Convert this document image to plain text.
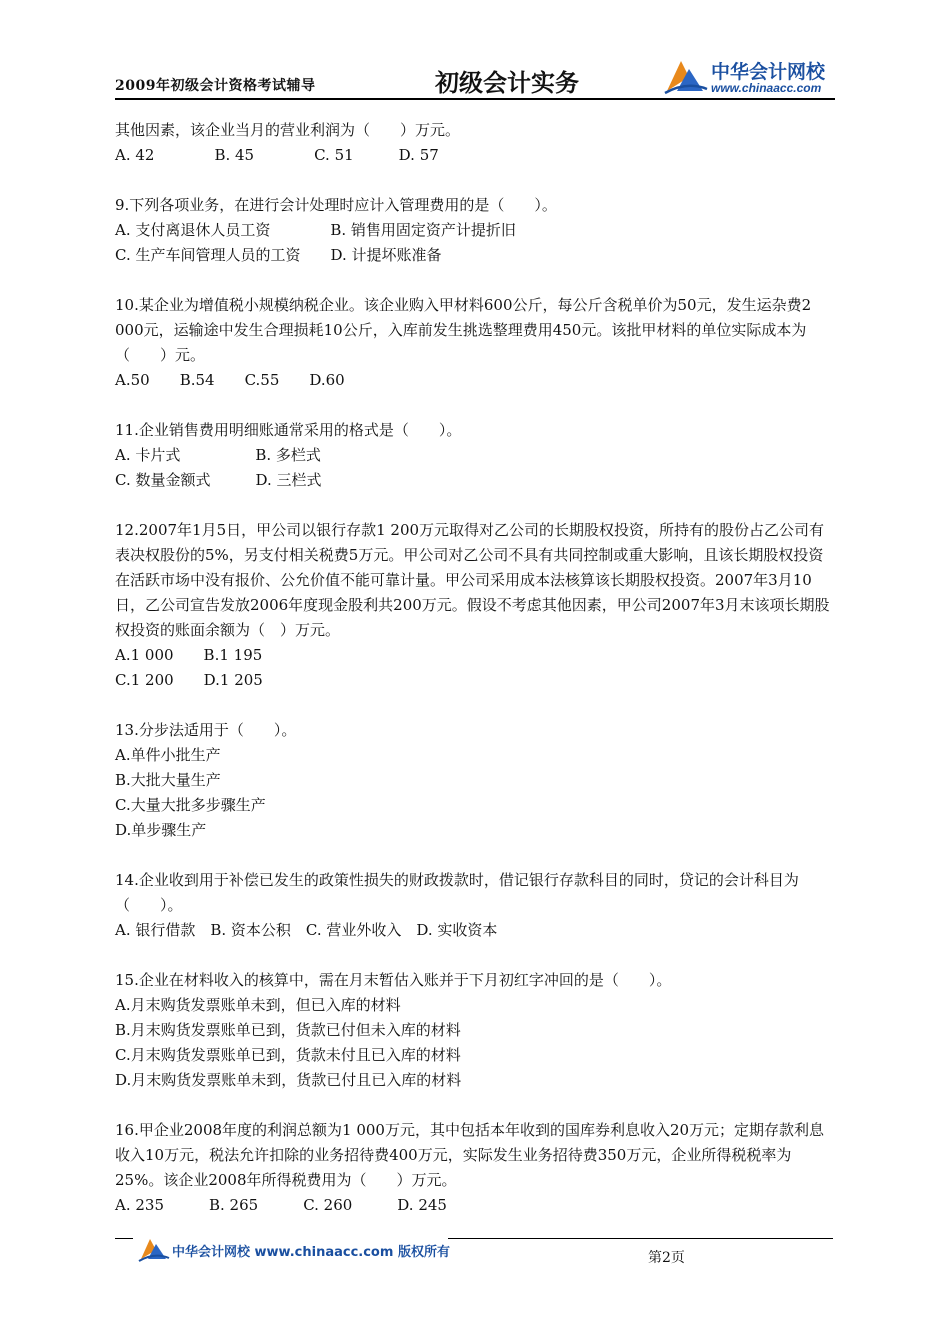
2009年初级会计资格考试辅导	初级会计实务	中华会计网校
www.chinaacc.com

其他因素，该企业当月的营业利润为（　　）万元。

A. 42　　　　B. 45　　　　C. 51　　　D. 57

9.下列各项业务，在进行会计处理时应计入管理费用的是（　　）。

A. 支付离退休人员工资　　　　B. 销售用固定资产计提折旧

C. 生产车间管理人员的工资　　D. 计提坏账准备

10.某企业为增值税小规模纳税企业。该企业购入甲材料600公斤，每公斤含税单价为50元，发生运杂费2 000元，运输途中发生合理损耗10公斤，入库前发生挑选整理费用450元。该批甲材料的单位实际成本为（　　）元。

A.50　　B.54　　C.55　　D.60

11.企业销售费用明细账通常采用的格式是（　　）。

A. 卡片式　　　　　B. 多栏式

C. 数量金额式　　　D. 三栏式

12.2007年1月5日，甲公司以银行存款1 200万元取得对乙公司的长期股权投资，所持有的股份占乙公司有表决权股份的5%，另支付相关税费5万元。甲公司对乙公司不具有共同控制或重大影响，且该长期股权投资在活跃市场中没有报价、公允价值不能可靠计量。甲公司采用成本法核算该长期股权投资。2007年3月10日，乙公司宣告发放2006年度现金股利共200万元。假设不考虑其他因素，甲公司2007年3月末该项长期股权投资的账面余额为（　）万元。

A.1 000　　B.1 195

C.1 200　　D.1 205

13.分步法适用于（　　）。

A.单件小批生产

B.大批大量生产

C.大量大批多步骤生产

D.单步骤生产

14.企业收到用于补偿已发生的政策性损失的财政拨款时，借记银行存款科目的同时，贷记的会计科目为（　　）。

A. 银行借款　B. 资本公积　C. 营业外收入　D. 实收资本

15.企业在材料收入的核算中，需在月末暂估入账并于下月初红字冲回的是（　　）。

A.月末购货发票账单未到，但已入库的材料

B.月末购货发票账单已到，货款已付但未入库的材料

C.月末购货发票账单已到，货款未付且已入库的材料

D.月末购货发票账单未到，货款已付且已入库的材料

16.甲企业2008年度的利润总额为1 000万元，其中包括本年收到的国库券利息收入20万元；定期存款利息收入10万元，税法允许扣除的业务招待费400万元，实际发生业务招待费350万元，企业所得税税率为25%。该企业2008年所得税费用为（　　）万元。

A. 235　　　B. 265　　　C. 260　　　D. 245

中华会计网校 www.chinaacc.com 版权所有	第2页
